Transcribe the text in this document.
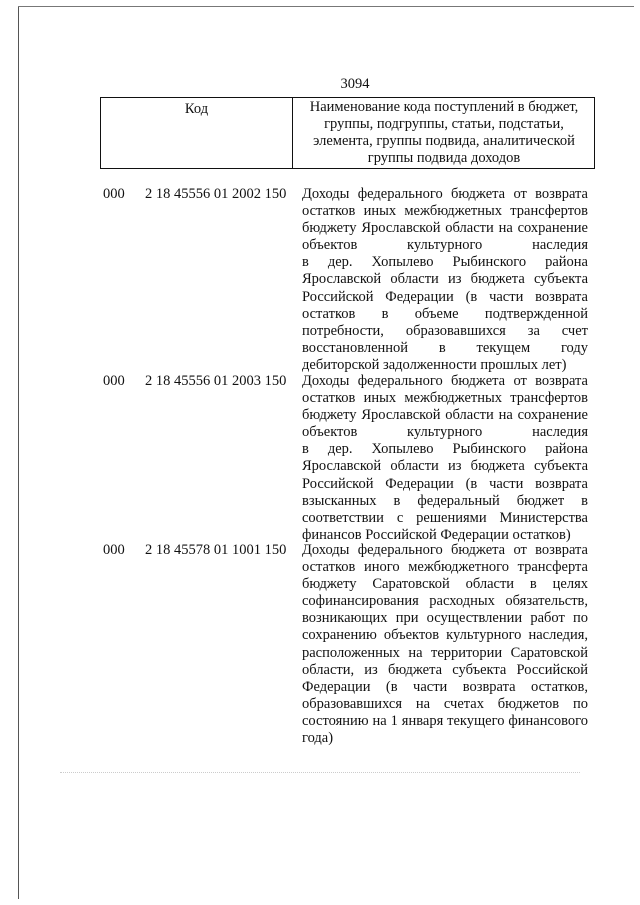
3094
Код	Наименование кода поступлений в бюджет, группы, подгруппы, статьи, подстатьи, элемента, группы подвида, аналитической группы подвида доходов
000 2 18 45556 01 2002 150 Доходы федерального бюджета от возврата
остатков иных межбюджетных трансфертов
бюджету Ярославской области на сохранение
объектов культурного наследия
в дер. Хопылево Рыбинского района
Ярославской области из бюджета субъекта
Российской Федерации (в части возврата
остатков в объеме подтвержденной
потребности, образовавшихся за счет
восстановленной в текущем году
дебиторской задолженности прошлых лет)
000 2 18 45556 01 2003 150 Доходы федерального бюджета от возврата
остатков иных межбюджетных трансфертов
бюджету Ярославской области на сохранение
объектов культурного наследия
в дер. Хопылево Рыбинского района
Ярославской области из бюджета субъекта
Российской Федерации (в части возврата
взысканных в федеральный бюджет в
соответствии с решениями Министерства
финансов Российской Федерации остатков)
000 2 18 45578 01 1001 150 Доходы федерального бюджета от возврата
остатков иного межбюджетного трансферта
бюджету Саратовской области в целях
софинансирования расходных обязательств,
возникающих при осуществлении работ по
сохранению объектов культурного наследия,
расположенных на территории Саратовской
области, из бюджета субъекта Российской
Федерации (в части возврата остатков,
образовавшихся на счетах бюджетов по
состоянию на 1 января текущего финансового
года)
